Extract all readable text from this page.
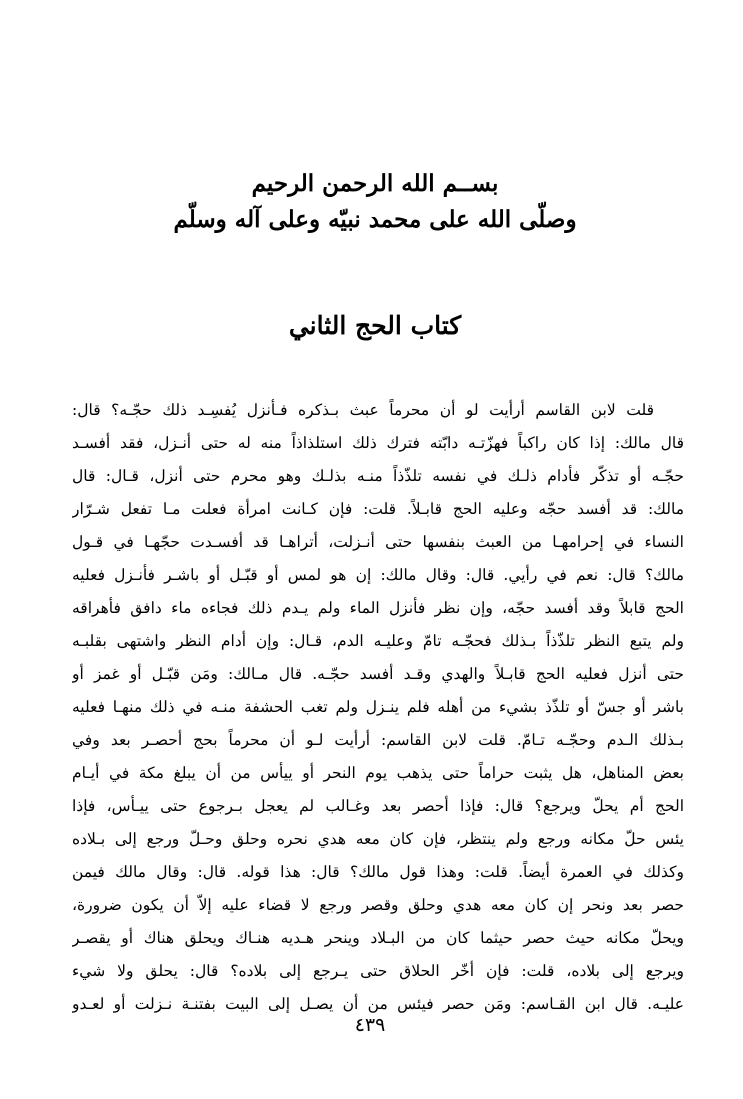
بســم الله الرحمن الرحيم
وصلّى الله على محمد نبيّه وعلى آله وسلّم
كتاب الحج الثاني
قلت لابن القاسم أرأيت لو أن محرماً عبث بـذكره فـأنزل يُفسِـد ذلك حجّـه؟ قال:
قال مالك: إذا كان راكباً فهزّتـه دابّته فترك ذلك استلذاذاً منه له حتى أنـزل، فقد أفسـد
حجّـه أو تذكّر فأدام ذلـك في نفسه تلذّذاً منـه بذلـك وهو محرم حتى أنزل، قـال: قال
مالك: قد أفسد حجّه وعليه الحج قابـلاً. قلت: فإن كـانت امرأة فعلت مـا تفعل شـرّار
النساء في إحرامهـا من العبث بنفسها حتى أنـزلت، أتراهـا قد أفسـدت حجّهـا في قـول
مالك؟ قال: نعم في رأيي. قال: وقال مالك: إن هو لمس أو قبّـل أو باشـر فأنـزل فعليه
الحج قابلاً وقد أفسد حجّه، وإن نظر فأنزل الماء ولم يـدم ذلك فجاءه ماء دافق فأهراقه
ولم يتبع النظر تلذّذاً بـذلك فحجّـه تامّ وعليـه الدم، قـال: وإن أدام النظر واشتهى بقلبـه
حتى أنزل فعليه الحج قابـلاً والهدي وقـد أفسد حجّـه. قال مـالك: ومَن قبّـل أو غمز أو
باشر أو جسّ أو تلذّذ بشيء من أهله فلم ينـزل ولم تغب الحشفة منـه في ذلك منهـا فعليه
بـذلك الـدم وحجّـه تـامّ. قلت لابن القاسم: أرأيت لـو أن محرماً بحج أحصـر بعد وفي
بعض المناهل، هل يثبت حراماً حتى يذهب يوم النحر أو ييأس من أن يبلغ مكة في أيـام
الحج أم يحلّ ويرجع؟ قال: فإذا أحصر بعد وغـالب لم يعجل بـرجوع حتى ييـأس، فإذا
يئس حلّ مكانه ورجع ولم ينتظر، فإن كان معه هدي نحره وحلق وحـلّ ورجع إلى بـلاده
وكذلك في العمرة أيضاً. قلت: وهذا قول مالك؟ قال: هذا قوله. قال: وقال مالك فيمن
حصر بعد ونحر إن كان معه هدي وحلق وقصر ورجع لا قضاء عليه إلاّ أن يكون ضرورة،
ويحلّ مكانه حيث حصر حيثما كان من البـلاد وينحر هـديه هنـاك ويحلق هناك أو يقصـر
ويرجع إلى بلاده، قلت: فإن أخّر الحلاق حتى يـرجع إلى بلاده؟ قال: يحلق ولا شيء
عليـه. قال ابن القـاسم: ومَن حصر فيئس من أن يصـل إلى البيت بفتنـة نـزلت أو لعـدو
٤٣٩
